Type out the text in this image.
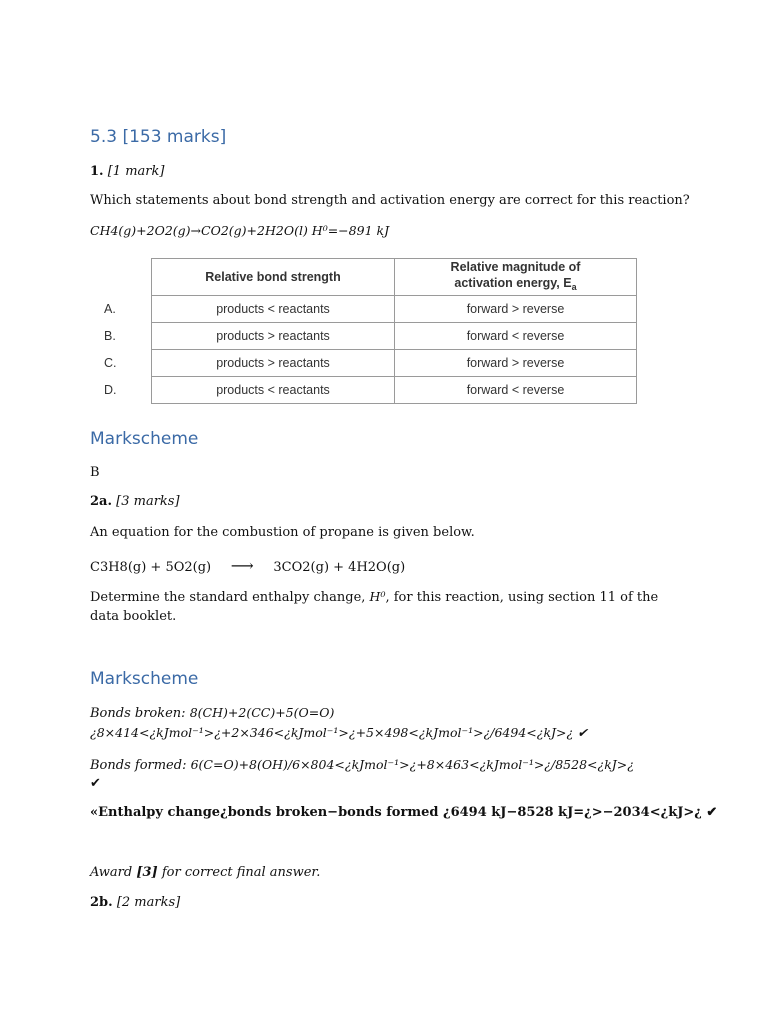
5.3 [153 marks]
1. [1 mark]
Which statements about bond strength and activation energy are correct for this reaction?
CH4(g)+2O2(g)→CO2(g)+2H2O(l) H⁰=−891 kJ
	Relative bond strength	Relative magnitude of
activation energy, $E_a$
A.	products < reactants	forward > reverse
B.	products > reactants	forward < reverse
C.	products > reactants	forward > reverse
D.	products < reactants	forward < reverse
Markscheme
B
2a. [3 marks]
An equation for the combustion of propane is given below.
C3H8(g) + 5O2(g) ⟶ 3CO2(g) + 4H2O(g)
Determine the standard enthalpy change, H⁰, for this reaction, using section 11 of the data booklet.
Markscheme
Bonds broken: 8(CH)+2(CC)+5(O=O)
¿8×414<¿kJmol⁻¹>¿+2×346<¿kJmol⁻¹>¿+5×498<¿kJmol⁻¹>¿/6494<¿kJ>¿ ✔
Bonds formed: 6(C=O)+8(OH)/6×804<¿kJmol⁻¹>¿+8×463<¿kJmol⁻¹>¿/8528<¿kJ>¿
✔
«Enthalpy change¿bonds broken−bonds formed ¿6494 kJ−8528 kJ=¿>−2034<¿kJ>¿ ✔
Award [3] for correct final answer.
2b. [2 marks]
